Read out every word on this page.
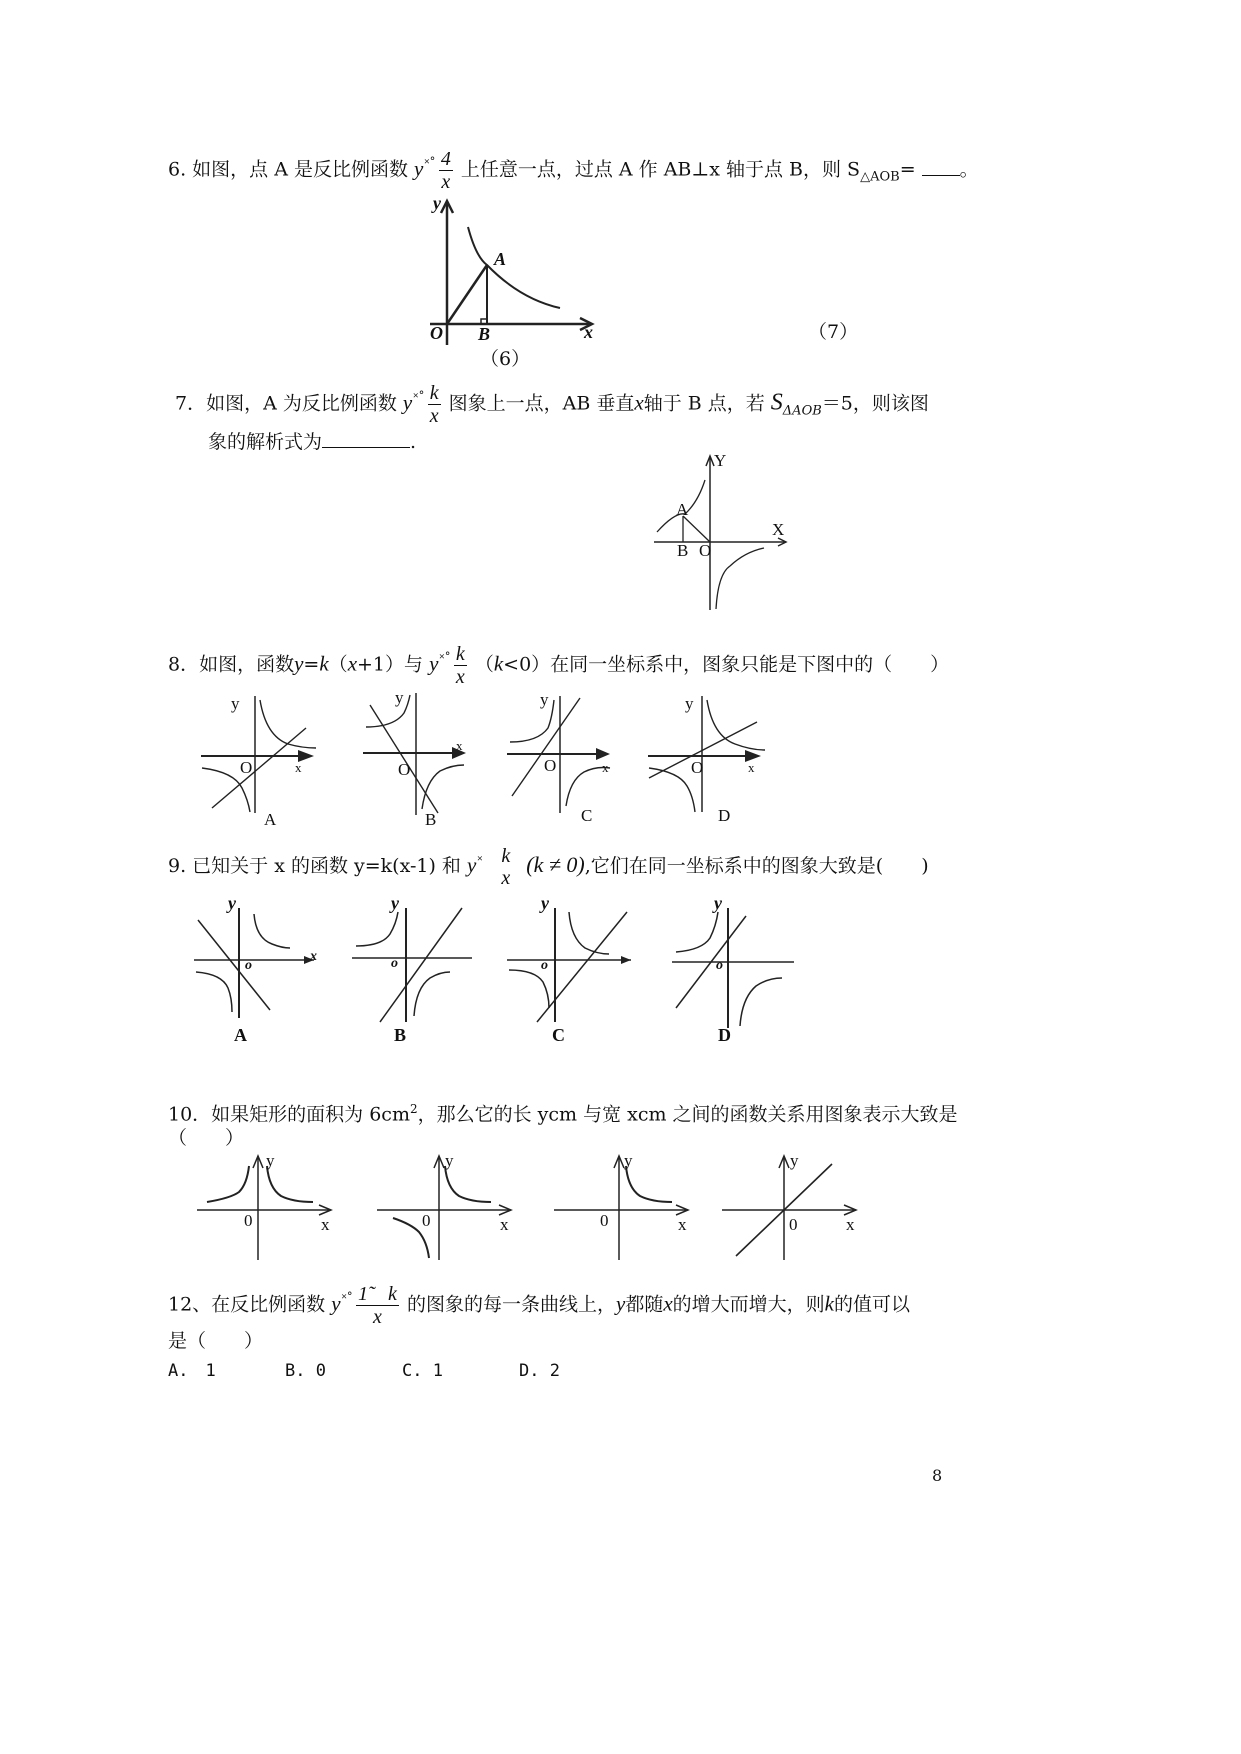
6. 如图，点 A 是反比例函数 $y^{˟˚} \frac{4}{x}$ 上任意一点，过点 A 作 AB⊥x 轴于点 B，则 $S_{\triangle AOB}=$ 。
y
A
O B	x
（6）
（7）
7．如图，A 为反比例函数 $y^{˟˚} \frac{k}{x}$ 图象上一点，AB 垂直x轴于 B 点，若 $S_{\Delta AOB}=5$，则该图
象的解析式为	.
Y
X
A
B O
8．如图，函数y=k（x+1）与 $y^{˟˚} \frac{k}{x} (k<0)$在同一坐标系中，图象只能是下图中的（　　）
y
O	x
A
y
O
x
B
y
O	x
C
y
O	x
D
9. 已知关于 x 的函数 y=k(x-1) 和 y˟ k
x
(k ≠ 0),它们在同一坐标系中的图象大致是(　　)
y
o
x
A
y
o
B
y
o
C
y
o
D
10．如果矩形的面积为 $6cm^2$，那么它的长 ycm 与宽 xcm 之间的函数关系用图象表示大致是
（　　）
y
0	x
y
0	x
y
0	x
y
0	x
12、在反比例函数 $y^{˟˚} \frac{1̃ k}{x}$ 的图象的每一条曲线上，y都随x的增大而增大，则k的值可以
是（　　）
A.　1	B. 0	C. 1	D. 2
8
